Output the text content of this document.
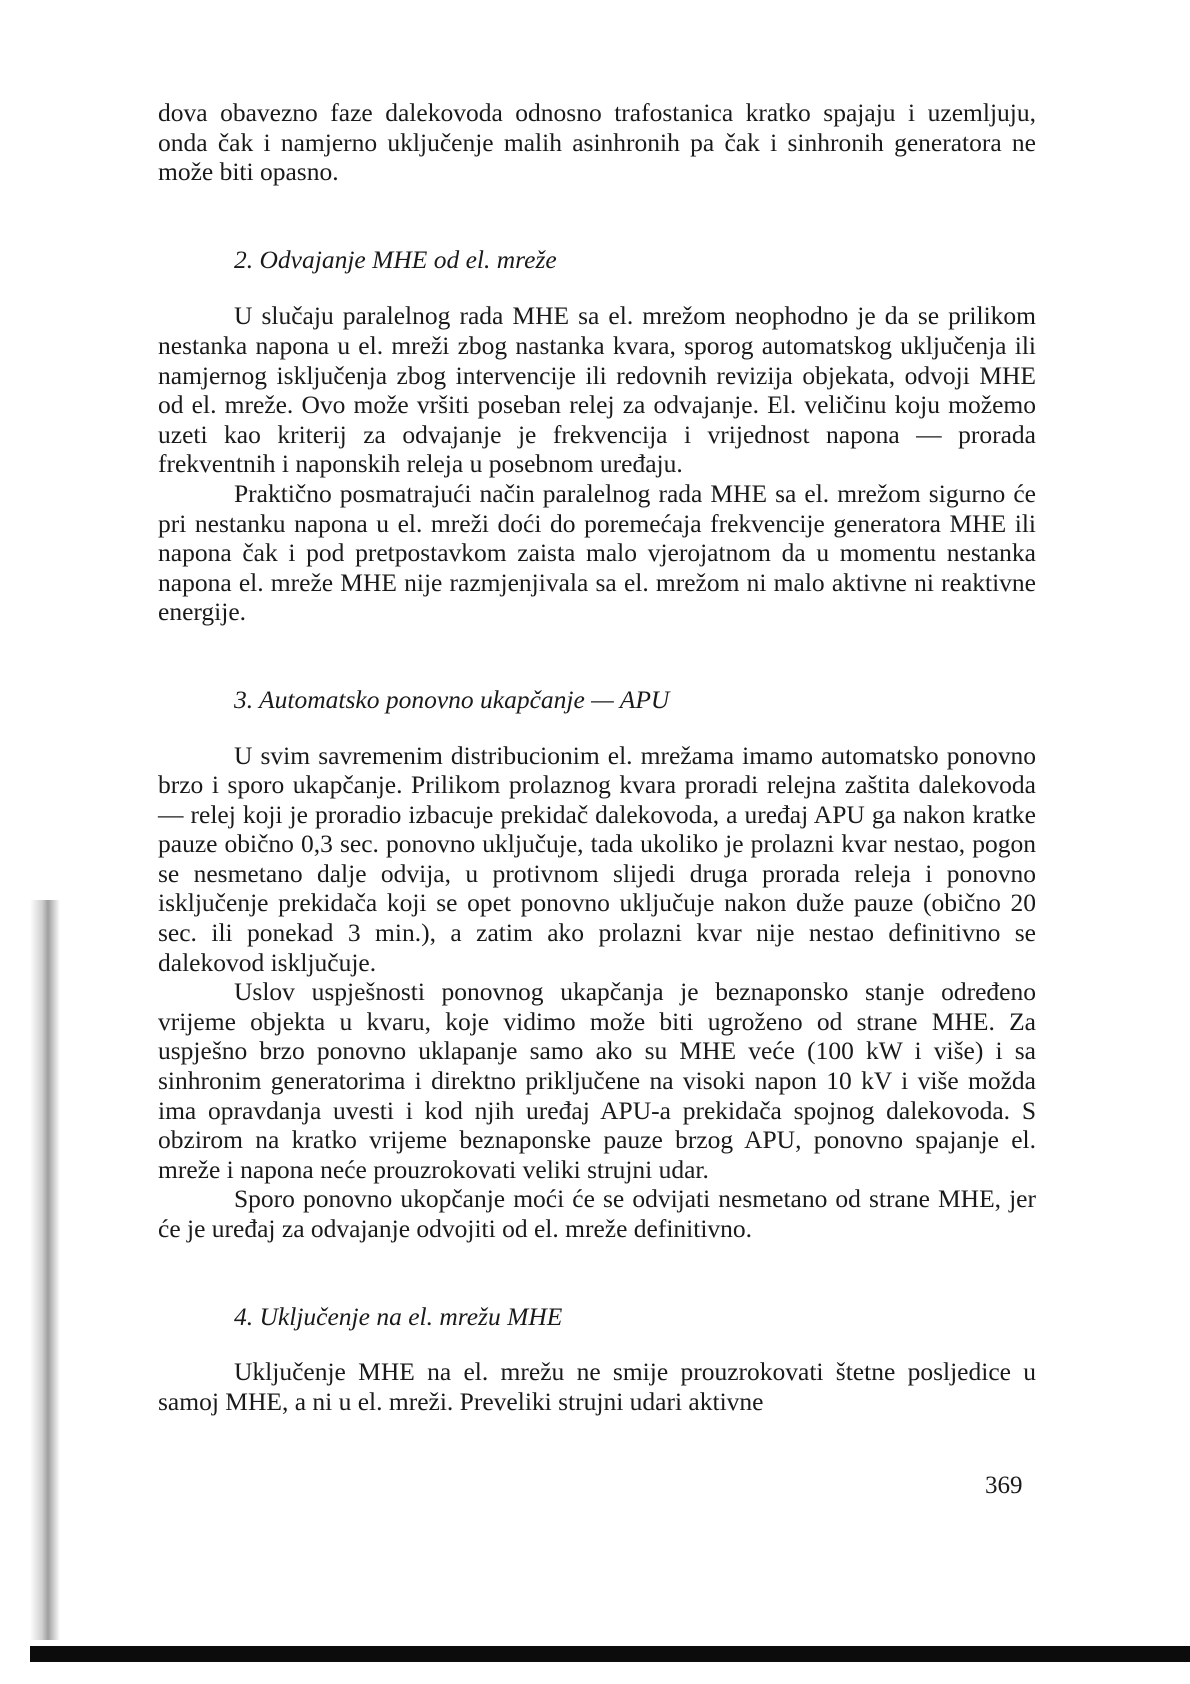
dova obavezno faze dalekovoda odnosno trafostanica kratko spajaju i uzemljuju, onda čak i namjerno uključenje malih asinhronih pa čak i sinhronih generatora ne može biti opasno.

2. Odvajanje MHE od el. mreže

U slučaju paralelnog rada MHE sa el. mrežom neophodno je da se prilikom nestanka napona u el. mreži zbog nastanka kvara, sporog automatskog uključenja ili namjernog isključenja zbog intervencije ili redovnih revizija objekata, odvoji MHE od el. mreže. Ovo može vršiti poseban relej za odvajanje. El. veličinu koju možemo uzeti kao kriterij za odvajanje je frekvencija i vrijednost napona — prorada frekventnih i naponskih releja u posebnom uređaju.

Praktično posmatrajući način paralelnog rada MHE sa el. mrežom sigurno će pri nestanku napona u el. mreži doći do poremećaja frekvencije generatora MHE ili napona čak i pod pretpostavkom zaista malo vjerojatnom da u momentu nestanka napona el. mreže MHE nije razmjenjivala sa el. mrežom ni malo aktivne ni reaktivne energije.

3. Automatsko ponovno ukapčanje — APU

U svim savremenim distribucionim el. mrežama imamo automatsko ponovno brzo i sporo ukapčanje. Prilikom prolaznog kvara proradi relejna zaštita dalekovoda — relej koji je proradio izbacuje prekidač dalekovoda, a uređaj APU ga nakon kratke pauze obično 0,3 sec. ponovno uključuje, tada ukoliko je prolazni kvar nestao, pogon se nesmetano dalje odvija, u protivnom slijedi druga prorada releja i ponovno isključenje prekidača koji se opet ponovno uključuje nakon duže pauze (obično 20 sec. ili ponekad 3 min.), a zatim ako prolazni kvar nije nestao definitivno se dalekovod isključuje.

Uslov uspješnosti ponovnog ukapčanja je beznaponsko stanje određeno vrijeme objekta u kvaru, koje vidimo može biti ugroženo od strane MHE. Za uspješno brzo ponovno uklapanje samo ako su MHE veće (100 kW i više) i sa sinhronim generatorima i direktno priključene na visoki napon 10 kV i više možda ima opravdanja uvesti i kod njih uređaj APU-a prekidača spojnog dalekovoda. S obzirom na kratko vrijeme beznaponske pauze brzog APU, ponovno spajanje el. mreže i napona neće prouzrokovati veliki strujni udar.

Sporo ponovno ukopčanje moći će se odvijati nesmetano od strane MHE, jer će je uređaj za odvajanje odvojiti od el. mreže definitivno.

4. Uključenje na el. mrežu MHE

Uključenje MHE na el. mrežu ne smije prouzrokovati štetne posljedice u samoj MHE, a ni u el. mreži. Preveliki strujni udari aktivne

369
